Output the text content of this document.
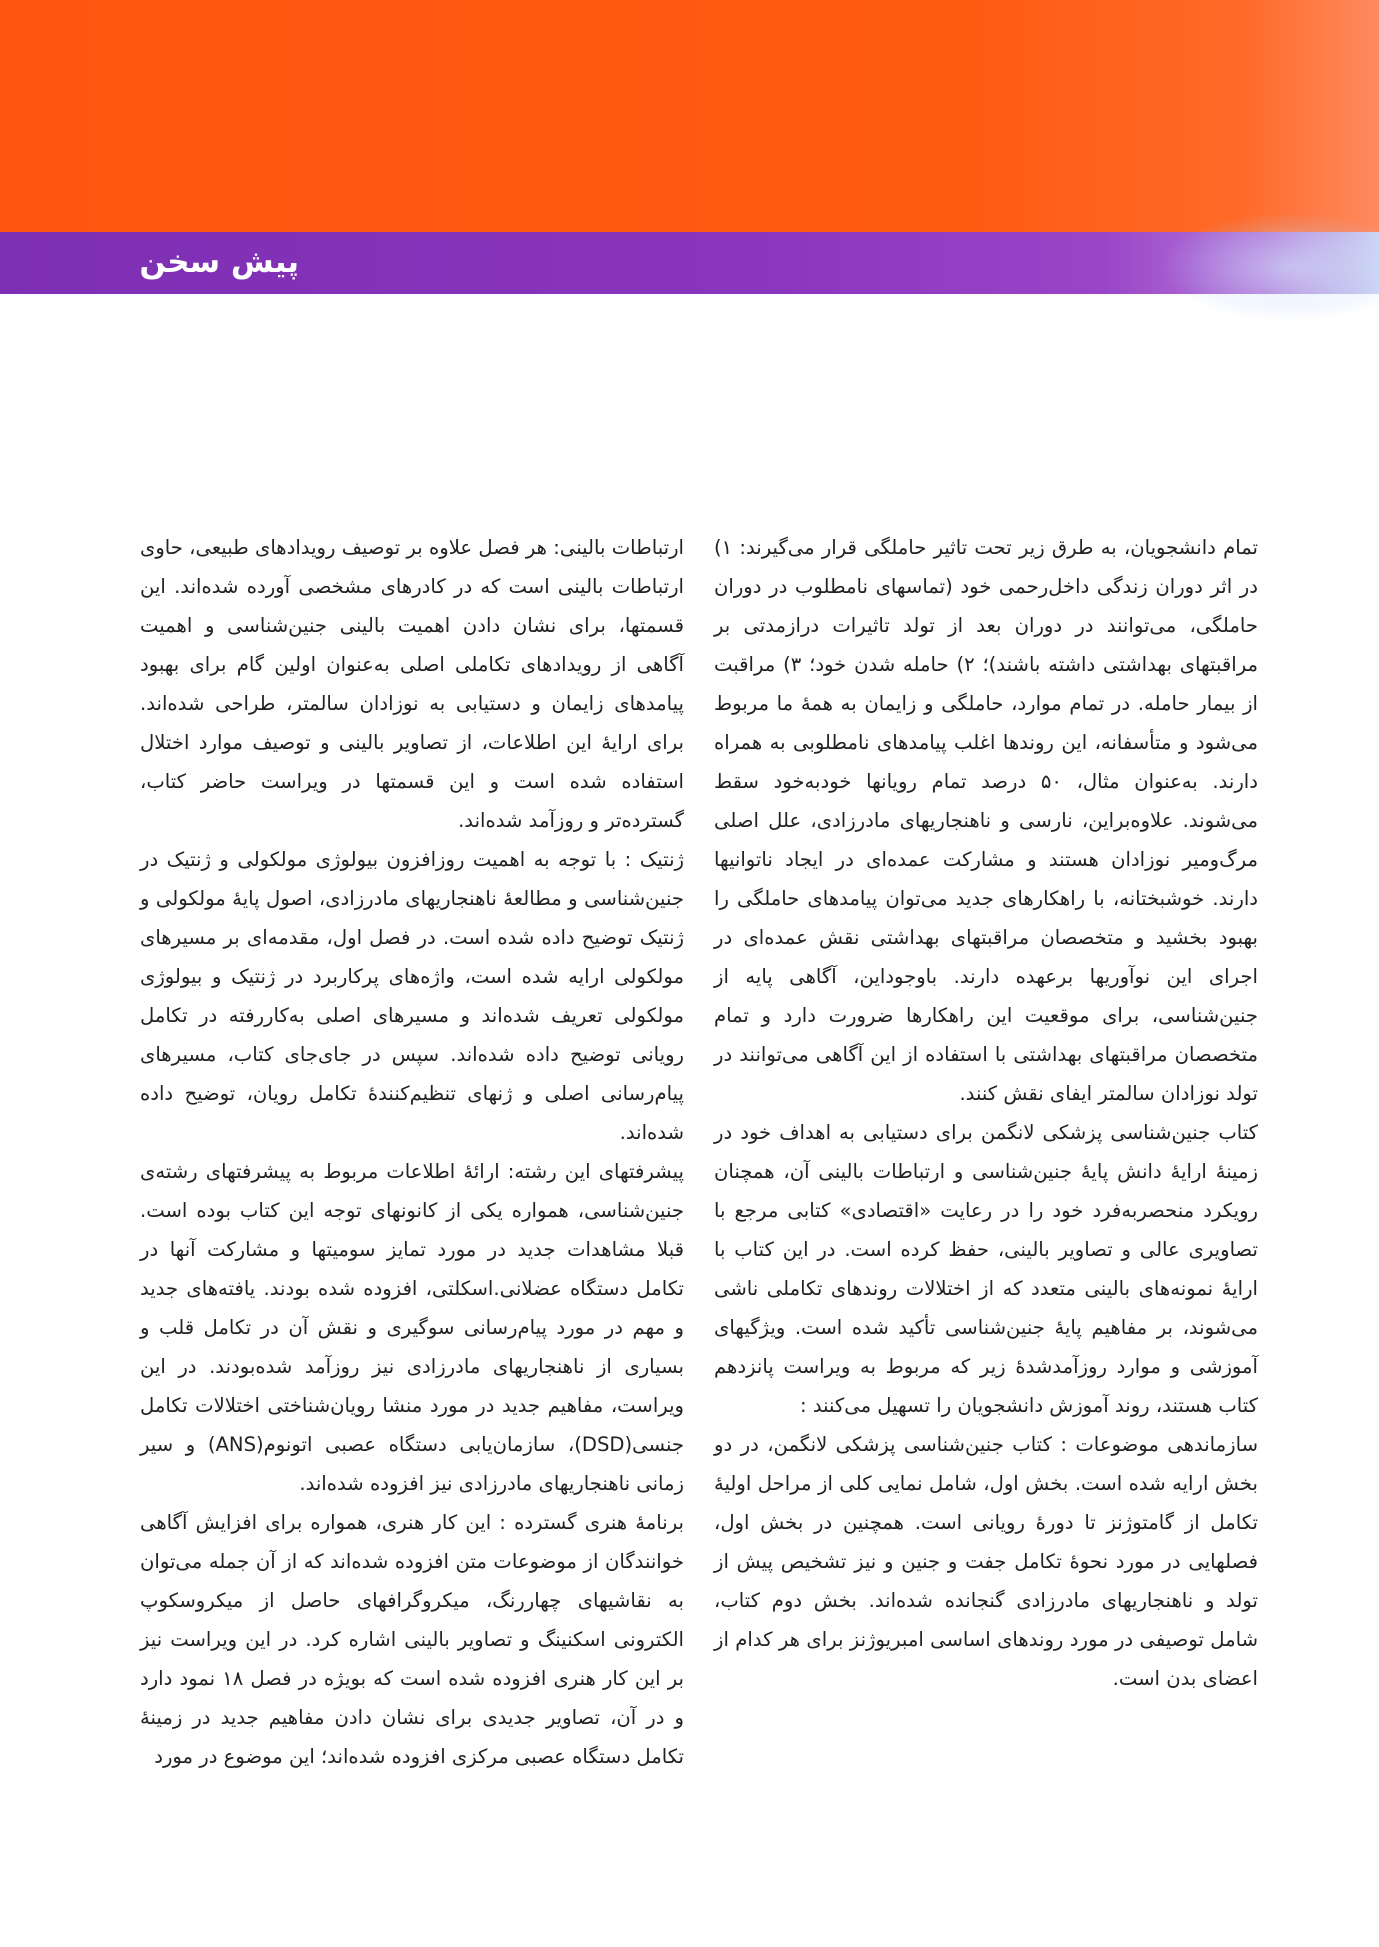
پیش سخن

تمام دانشجویان، به طرق زیر تحت تاثیر حاملگی قرار می‌گیرند: ۱) در اثر دوران زندگی داخل‌رحمی خود (تماسهای نامطلوب در دوران حاملگی، می‌توانند در دوران بعد از تولد تاثیرات درازمدتی بر مراقبتهای بهداشتی داشته باشند)؛ ۲) حامله شدن خود؛ ۳) مراقبت از بیمار حامله. در تمام موارد، حاملگی و زایمان به همهٔ ما مربوط می‌شود و متأسفانه، این روندها اغلب پیامدهای نامطلوبی به همراه دارند. به‌عنوان مثال، ۵۰ درصد تمام رویانها خودبه‌خود سقط می‌شوند. علاوه‌براین، نارسی و ناهنجاریهای مادرزادی، علل اصلی مرگ‌ومیر نوزادان هستند و مشارکت عمده‌ای در ایجاد ناتوانیها دارند. خوشبختانه، با راهکارهای جدید می‌توان پیامدهای حاملگی را بهبود بخشید و متخصصان مراقبتهای بهداشتی نقش عمده‌ای در اجرای این نوآوریها برعهده دارند. باوجوداین، آگاهی پایه از جنین‌شناسی، برای موقعیت این راهکارها ضرورت دارد و تمام متخصصان مراقبتهای بهداشتی با استفاده از این آگاهی می‌توانند در تولد نوزادان سالمتر ایفای نقش کنند.

کتاب جنین‌شناسی پزشکی لانگمن برای دستیابی به اهداف خود در زمینهٔ ارایهٔ دانش پایهٔ جنین‌شناسی و ارتباطات بالینی آن، همچنان رویکرد منحصربه‌فرد خود را در رعایت «اقتصادی» کتابی مرجع با تصاویری عالی و تصاویر بالینی، حفظ کرده است. در این کتاب با ارایهٔ نمونه‌های بالینی متعدد که از اختلالات روندهای تکاملی ناشی می‌شوند، بر مفاهیم پایهٔ جنین‌شناسی تأکید شده است. ویژگیهای آموزشی و موارد روزآمدشدهٔ زیر که مربوط به ویراست پانزدهم کتاب هستند، روند آموزش دانشجویان را تسهیل می‌کنند :

سازماندهی موضوعات : کتاب جنین‌شناسی پزشکی لانگمن، در دو بخش ارایه شده است. بخش اول، شامل نمایی کلی از مراحل اولیهٔ تکامل از گامتوژنز تا دورهٔ رویانی است. همچنین در بخش اول، فصلهایی در مورد نحوهٔ تکامل جفت و جنین و نیز تشخیص پیش از تولد و ناهنجاریهای مادرزادی گنجانده شده‌اند. بخش دوم کتاب، شامل توصیفی در مورد روندهای اساسی امبریوژنز برای هر کدام از اعضای بدن است.

ارتباطات بالینی: هر فصل علاوه بر توصیف رویدادهای طبیعی، حاوی ارتباطات بالینی است که در کادرهای مشخصی آورده شده‌اند. این قسمتها، برای نشان دادن اهمیت بالینی جنین‌شناسی و اهمیت آگاهی از رویدادهای تکاملی اصلی به‌عنوان اولین گام برای بهبود پیامدهای زایمان و دستیابی به نوزادان سالمتر، طراحی شده‌اند. برای ارایهٔ این اطلاعات، از تصاویر بالینی و توصیف موارد اختلال استفاده شده است و این قسمتها در ویراست حاضر کتاب، گسترده‌تر و روزآمد شده‌اند.

ژنتیک : با توجه به اهمیت روزافزون بیولوژی مولکولی و ژنتیک در جنین‌شناسی و مطالعهٔ ناهنجاریهای مادرزادی، اصول پایهٔ مولکولی و ژنتیک توضیح داده شده است. در فصل اول، مقدمه‌ای بر مسیرهای مولکولی ارایه شده است، واژه‌های پرکاربرد در ژنتیک و بیولوژی مولکولی تعریف شده‌اند و مسیرهای اصلی به‌کاررفته در تکامل رویانی توضیح داده شده‌اند. سپس در جای‌جای کتاب، مسیرهای پیام‌رسانی اصلی و ژنهای تنظیم‌کنندهٔ تکامل رویان، توضیح داده شده‌اند.

پیشرفتهای این رشته: ارائهٔ اطلاعات مربوط به پیشرفتهای رشته‌ی جنین‌شناسی، همواره یکی از کانونهای توجه این کتاب بوده است. قبلا مشاهدات جدید در مورد تمایز سومیتها و مشارکت آنها در تکامل دستگاه عضلانی.اسکلتی، افزوده شده بودند. یافته‌های جدید و مهم در مورد پیام‌رسانی سوگیری و نقش آن در تکامل قلب و بسیاری از ناهنجاریهای مادرزادی نیز روزآمد شده‌بودند. در این ویراست، مفاهیم جدید در مورد منشا رویان‌شناختی اختلالات تکامل جنسی(DSD)، سازمان‌یابی دستگاه عصبی اتونوم(ANS) و سیر زمانی ناهنجاریهای مادرزادی نیز افزوده شده‌اند.

برنامهٔ هنری گسترده : این کار هنری، همواره برای افزایش آگاهی خوانندگان از موضوعات متن افزوده شده‌اند که از آن جمله می‌توان به نقاشیهای چهاررنگ، میکروگرافهای حاصل از میکروسکوپ الکترونی اسکنینگ و تصاویر بالینی اشاره کرد. در این ویراست نیز بر این کار هنری افزوده شده است که بویژه در فصل ۱۸ نمود دارد و در آن، تصاویر جدیدی برای نشان دادن مفاهیم جدید در زمینهٔ تکامل دستگاه عصبی مرکزی افزوده شده‌اند؛ این موضوع در مورد
